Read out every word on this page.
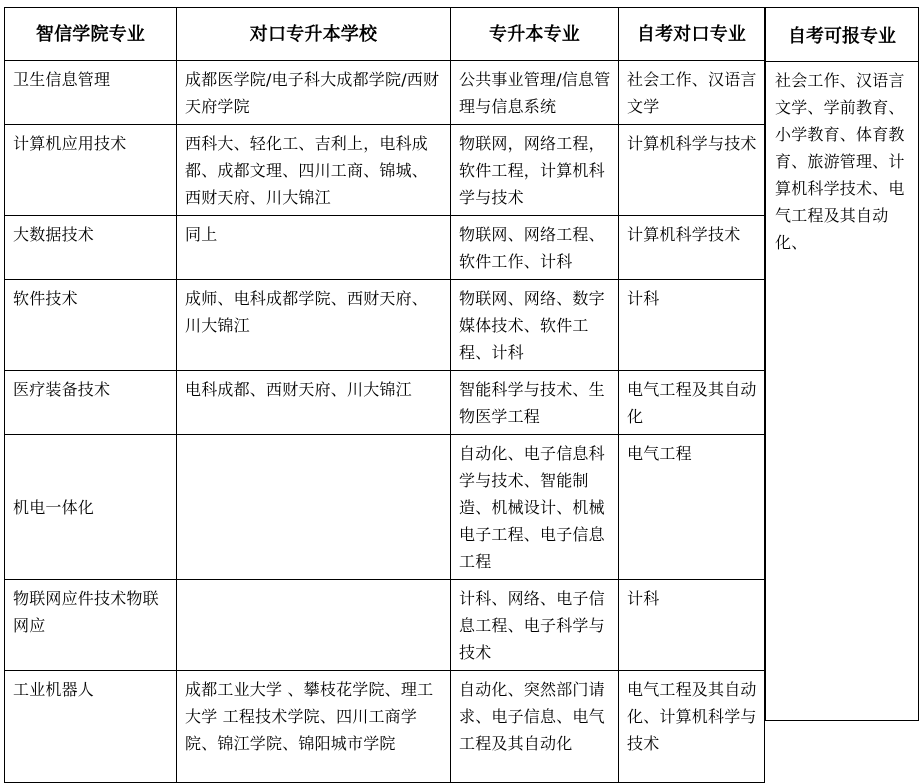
智信学院专业	对口专升本学校	专升本专业	自考对口专业
卫生信息管理	成都医学院/电子科大成都学院/西财天府学院	公共事业管理/信息管理与信息系统	社会工作、汉语言文学
计算机应用技术	西科大、轻化工、吉利上，电科成都、成都文理、四川工商、锦城、西财天府、川大锦江	物联网，网络工程，软件工程，计算机科学与技术	计算机科学与技术
大数据技术	同上	物联网、网络工程、软件工作、计科	计算机科学技术
软件技术	成师、电科成都学院、西财天府、川大锦江	物联网、网络、数字媒体技术、软件工程、计科	计科
医疗装备技术	电科成都、西财天府、川大锦江	智能科学与技术、生物医学工程	电气工程及其自动化
机电一体化		自动化、电子信息科学与技术、智能制造、机械设计、机械电子工程、电子信息工程	电气工程
物联网应件技术物联网应		计科、网络、电子信息工程、电子科学与技术	计科
工业机器人	成都工业大学 、攀枝花学院、理工大学 工程技术学院、四川工商学院、锦江学院、锦阳城市学院	自动化、突然部门请求、电子信息、电气工程及其自动化	电气工程及其自动化、计算机科学与技术
自考可报专业
社会工作、汉语言文学、学前教育、小学教育、体育教育、旅游管理、计算机科学技术、电气工程及其自动化、
